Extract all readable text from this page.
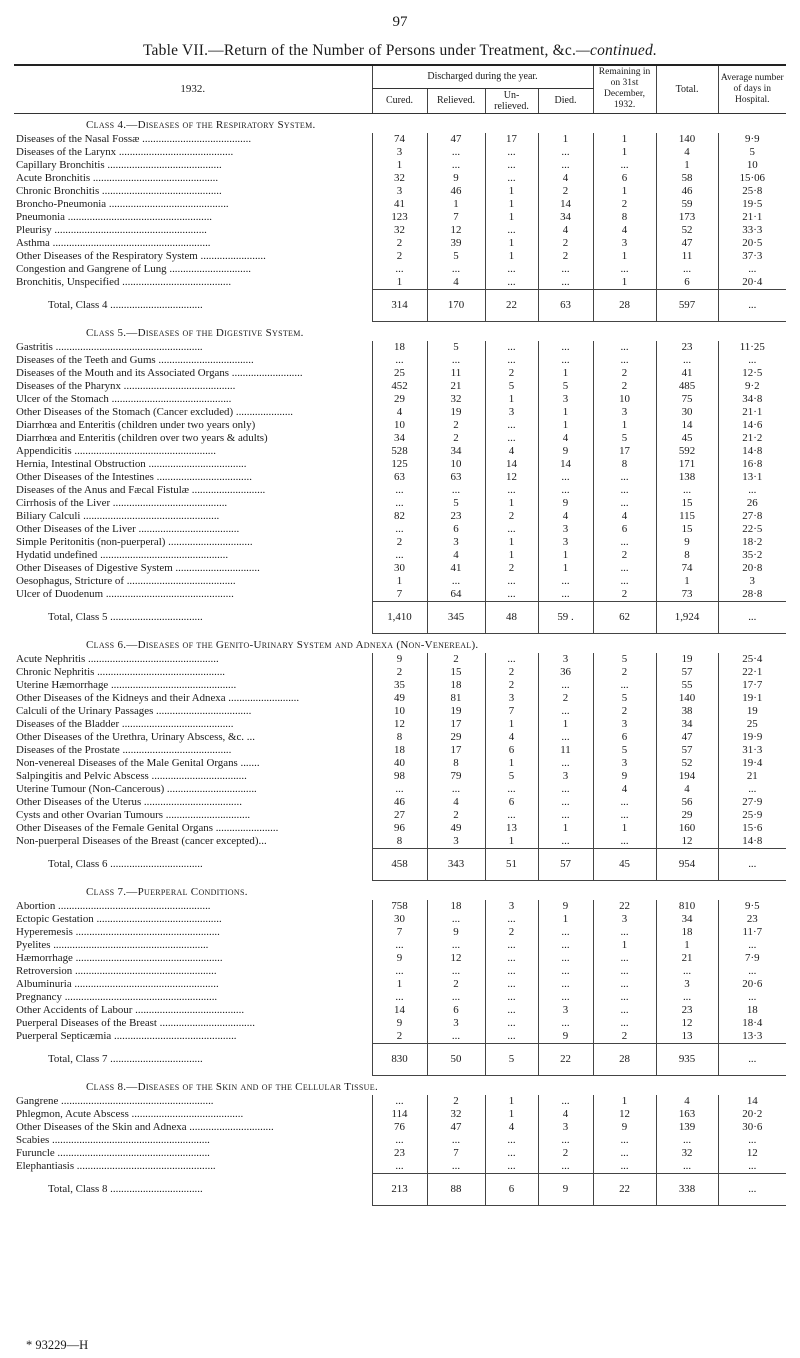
97
Table VII.—Return of the Number of Persons under Treatment, &c.—continued.
1932.	Discharged during the year.				Remaining in on 31st December, 1932.	Total.	Average number of days in Hospital.
	Cured.	Relieved.	Un-relieved.	Died.			
Class 4.—Diseases of the Respiratory System.							
Diseases of the Nasal Fossæ ........................................	74	47	17	1	1	140	9·9
Diseases of the Larynx ..........................................	3	...	...	...	1	4	5
Capillary Bronchitis ..........................................	1	...	...	...	...	1	10
Acute Bronchitis ..............................................	32	9	...	4	6	58	15·06
Chronic Bronchitis ............................................	3	46	1	2	1	46	25·8
Broncho-Pneumonia ............................................	41	1	1	14	2	59	19·5
Pneumonia .....................................................	123	7	1	34	8	173	21·1
Pleurisy ........................................................	32	12	...	4	4	52	33·3
Asthma ..........................................................	2	39	1	2	3	47	20·5
Other Diseases of the Respiratory System ........................	2	5	1	2	1	11	37·3
Congestion and Gangrene of Lung ..............................	...	...	...	...	...	...	...
Bronchitis, Unspecified ........................................	1	4	...	...	1	6	20·4
Total, Class 4 ..................................	314	170	22	63	28	597	...
Class 5.—Diseases of the Digestive System.							
Gastritis ......................................................	18	5	...	...	...	23	11·25
Diseases of the Teeth and Gums ...................................	...	...	...	...	...	...	...
Diseases of the Mouth and its Associated Organs ..........................	25	11	2	1	2	41	12·5
Diseases of the Pharynx .........................................	452	21	5	5	2	485	9·2
Ulcer of the Stomach ............................................	29	32	1	3	10	75	34·8
Other Diseases of the Stomach (Cancer excluded) .....................	4	19	3	1	3	30	21·1
Diarrhœa and Enteritis (children under two years only)	10	2	...	1	1	14	14·6
Diarrhœa and Enteritis (children over two years & adults)	34	2	...	4	5	45	21·2
Appendicitis ....................................................	528	34	4	9	17	592	14·8
Hernia, Intestinal Obstruction ....................................	125	10	14	14	8	171	16·8
Other Diseases of the Intestines ...................................	63	63	12	...	...	138	13·1
Diseases of the Anus and Fæcal Fistulæ ...........................	...	...	...	...	...	...	...
Cirrhosis of the Liver ..........................................	...	5	1	9	...	15	26
Biliary Calculi ..................................................	82	23	2	4	4	115	27·8
Other Diseases of the Liver .....................................	...	6	...	3	6	15	22·5
Simple Peritonitis (non-puerperal) ...............................	2	3	1	3	...	9	18·2
Hydatid undefined ...............................................	...	4	1	1	2	8	35·2
Other Diseases of Digestive System ...............................	30	41	2	1	...	74	20·8
Oesophagus, Stricture of ........................................	1	...	...	...	...	1	3
Ulcer of Duodenum ...............................................	7	64	...	...	2	73	28·8
Total, Class 5 ..................................	1,410	345	48	59 .	62	1,924	...
Class 6.—Diseases of the Genito-Urinary System and Adnexa (Non-Venereal).							
Acute Nephritis ................................................	9	2	...	3	5	19	25·4
Chronic Nephritis ...............................................	2	15	2	36	2	57	22·1
Uterine Hæmorrhage ..............................................	35	18	2	...	...	55	17·7
Other Diseases of the Kidneys and their Adnexa ..........................	49	81	3	2	5	140	19·1
Calculi of the Urinary Passages ...................................	10	19	7	...	2	38	19
Diseases of the Bladder .........................................	12	17	1	1	3	34	25
Other Diseases of the Urethra, Urinary Abscess, &c. ...	8	29	4	...	6	47	19·9
Diseases of the Prostate ........................................	18	17	6	11	5	57	31·3
Non-venereal Diseases of the Male Genital Organs .......	40	8	1	...	3	52	19·4
Salpingitis and Pelvic Abscess ...................................	98	79	5	3	9	194	21
Uterine Tumour (Non-Cancerous) .................................	...	...	...	...	4	4	...
Other Diseases of the Uterus ....................................	46	4	6	...	...	56	27·9
Cysts and other Ovarian Tumours ...............................	27	2	...	...	...	29	25·9
Other Diseases of the Female Genital Organs .......................	96	49	13	1	1	160	15·6
Non-puerperal Diseases of the Breast (cancer excepted)...	8	3	1	...	...	12	14·8
Total, Class 6 ..................................	458	343	51	57	45	954	...
Class 7.—Puerperal Conditions.							
Abortion ........................................................	758	18	3	9	22	810	9·5
Ectopic Gestation ..............................................	30	...	...	1	3	34	23
Hyperemesis .....................................................	7	9	2	...	...	18	11·7
Pyelites .........................................................	...	...	...	...	1	1	...
Hæmorrhage ......................................................	9	12	...	...	...	21	7·9
Retroversion ....................................................	...	...	...	...	...	...	...
Albuminuria .....................................................	1	2	...	...	...	3	20·6
Pregnancy ........................................................	...	...	...	...	...	...	...
Other Accidents of Labour ........................................	14	6	...	3	...	23	18
Puerperal Diseases of the Breast ...................................	9	3	...	...	...	12	18·4
Puerperal Septicæmia .............................................	2	...	...	9	2	13	13·3
Total, Class 7 ..................................	830	50	5	22	28	935	...
Class 8.—Diseases of the Skin and of the Cellular Tissue.							
Gangrene ........................................................	...	2	1	...	1	4	14
Phlegmon, Acute Abscess .........................................	114	32	1	4	12	163	20·2
Other Diseases of the Skin and Adnexa ...............................	76	47	4	3	9	139	30·6
Scabies ..........................................................	...	...	...	...	...	...	...
Furuncle ........................................................	23	7	...	2	...	32	12
Elephantiasis ...................................................	...	...	...	...	...	...	...
Total, Class 8 ..................................	213	88	6	9	22	338	...
* 93229—H
